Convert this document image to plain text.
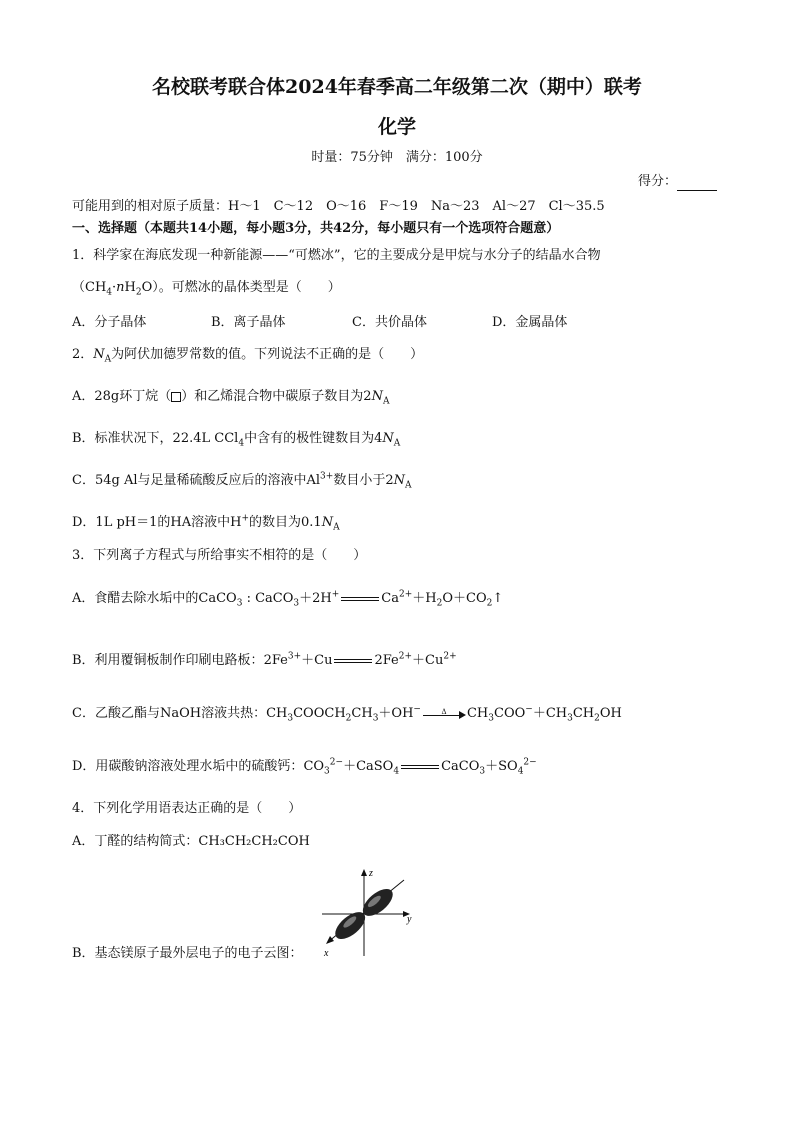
名校联考联合体2024年春季高二年级第二次（期中）联考
化学
时量：75分钟　满分：100分
得分：
可能用到的相对原子质量：H～1　C～12　O～16　F～19　Na～23　Al～27　Cl～35.5
一、选择题（本题共14小题，每小题3分，共42分，每小题只有一个选项符合题意）
1．科学家在海底发现一种新能源——“可燃冰”，它的主要成分是甲烷与水分子的结晶水合物
$(CH_4\cdot nH_2O)$。可燃冰的晶体类型是（　　）
A．分子晶体	B．离子晶体	C．共价晶体	D．金属晶体
2．$N_A$为阿伏加德罗常数的值。下列说法不正确的是（　　）
A．28g环丁烷（ ）和乙烯混合物中碳原子数目为$2N_A$
B．标准状况下，22.4L CCl$_4$中含有的极性键数目为$4N_A$
C．54g Al与足量稀硫酸反应后的溶液中$Al^{3+}$数目小于$2N_A$
D．1L pH＝1的HA溶液中H+的数目为$0.1N_A$
3．下列离子方程式与所给事实不相符的是（　　）
A．食醋去除水垢中的CaCO$_3$ : CaCO$_3$＋2H+	$Ca^{2+}+H_2O+CO_2↑$
B．利用覆铜板制作印刷电路板：$2Fe^{3+}+Cu$	$2Fe^{2+}+Cu^{2+}$
C．乙酸乙酯与NaOH溶液共热：$CH_3COOCH_2CH_3+OH^-$	Δ	$CH_3COO^-+CH_3CH_2OH$
D．用碳酸钠溶液处理水垢中的硫酸钙：$CO_3^{2-}+CaSO_4$	$CaCO_3+SO_4^{2-}$
4．下列化学用语表达正确的是（　　）
A．丁醛的结构简式：CH₃CH₂CH₂COH
B．基态镁原子最外层电子的电子云图：
z
y
x
